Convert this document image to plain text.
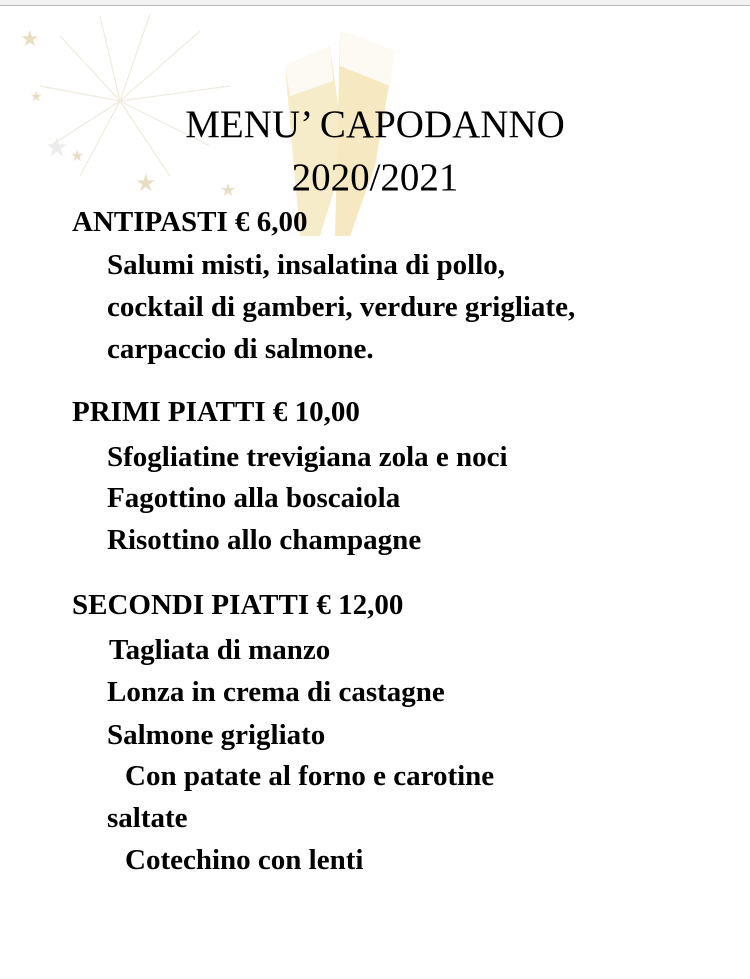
★
★ ★
★	★
★
MENU’ CAPODANNO
2020/2021
ANTIPASTI € 6,00
Salumi misti, insalatina di pollo,
cocktail di gamberi, verdure grigliate,
carpaccio di salmone.
PRIMI PIATTI € 10,00
Sfogliatine trevigiana zola e noci
Fagottino alla boscaiola
Risottino allo champagne
SECONDI PIATTI € 12,00
Tagliata di manzo
Lonza in crema di castagne
Salmone grigliato
Con patate al forno e carotine
saltate
Cotechino con lenti
